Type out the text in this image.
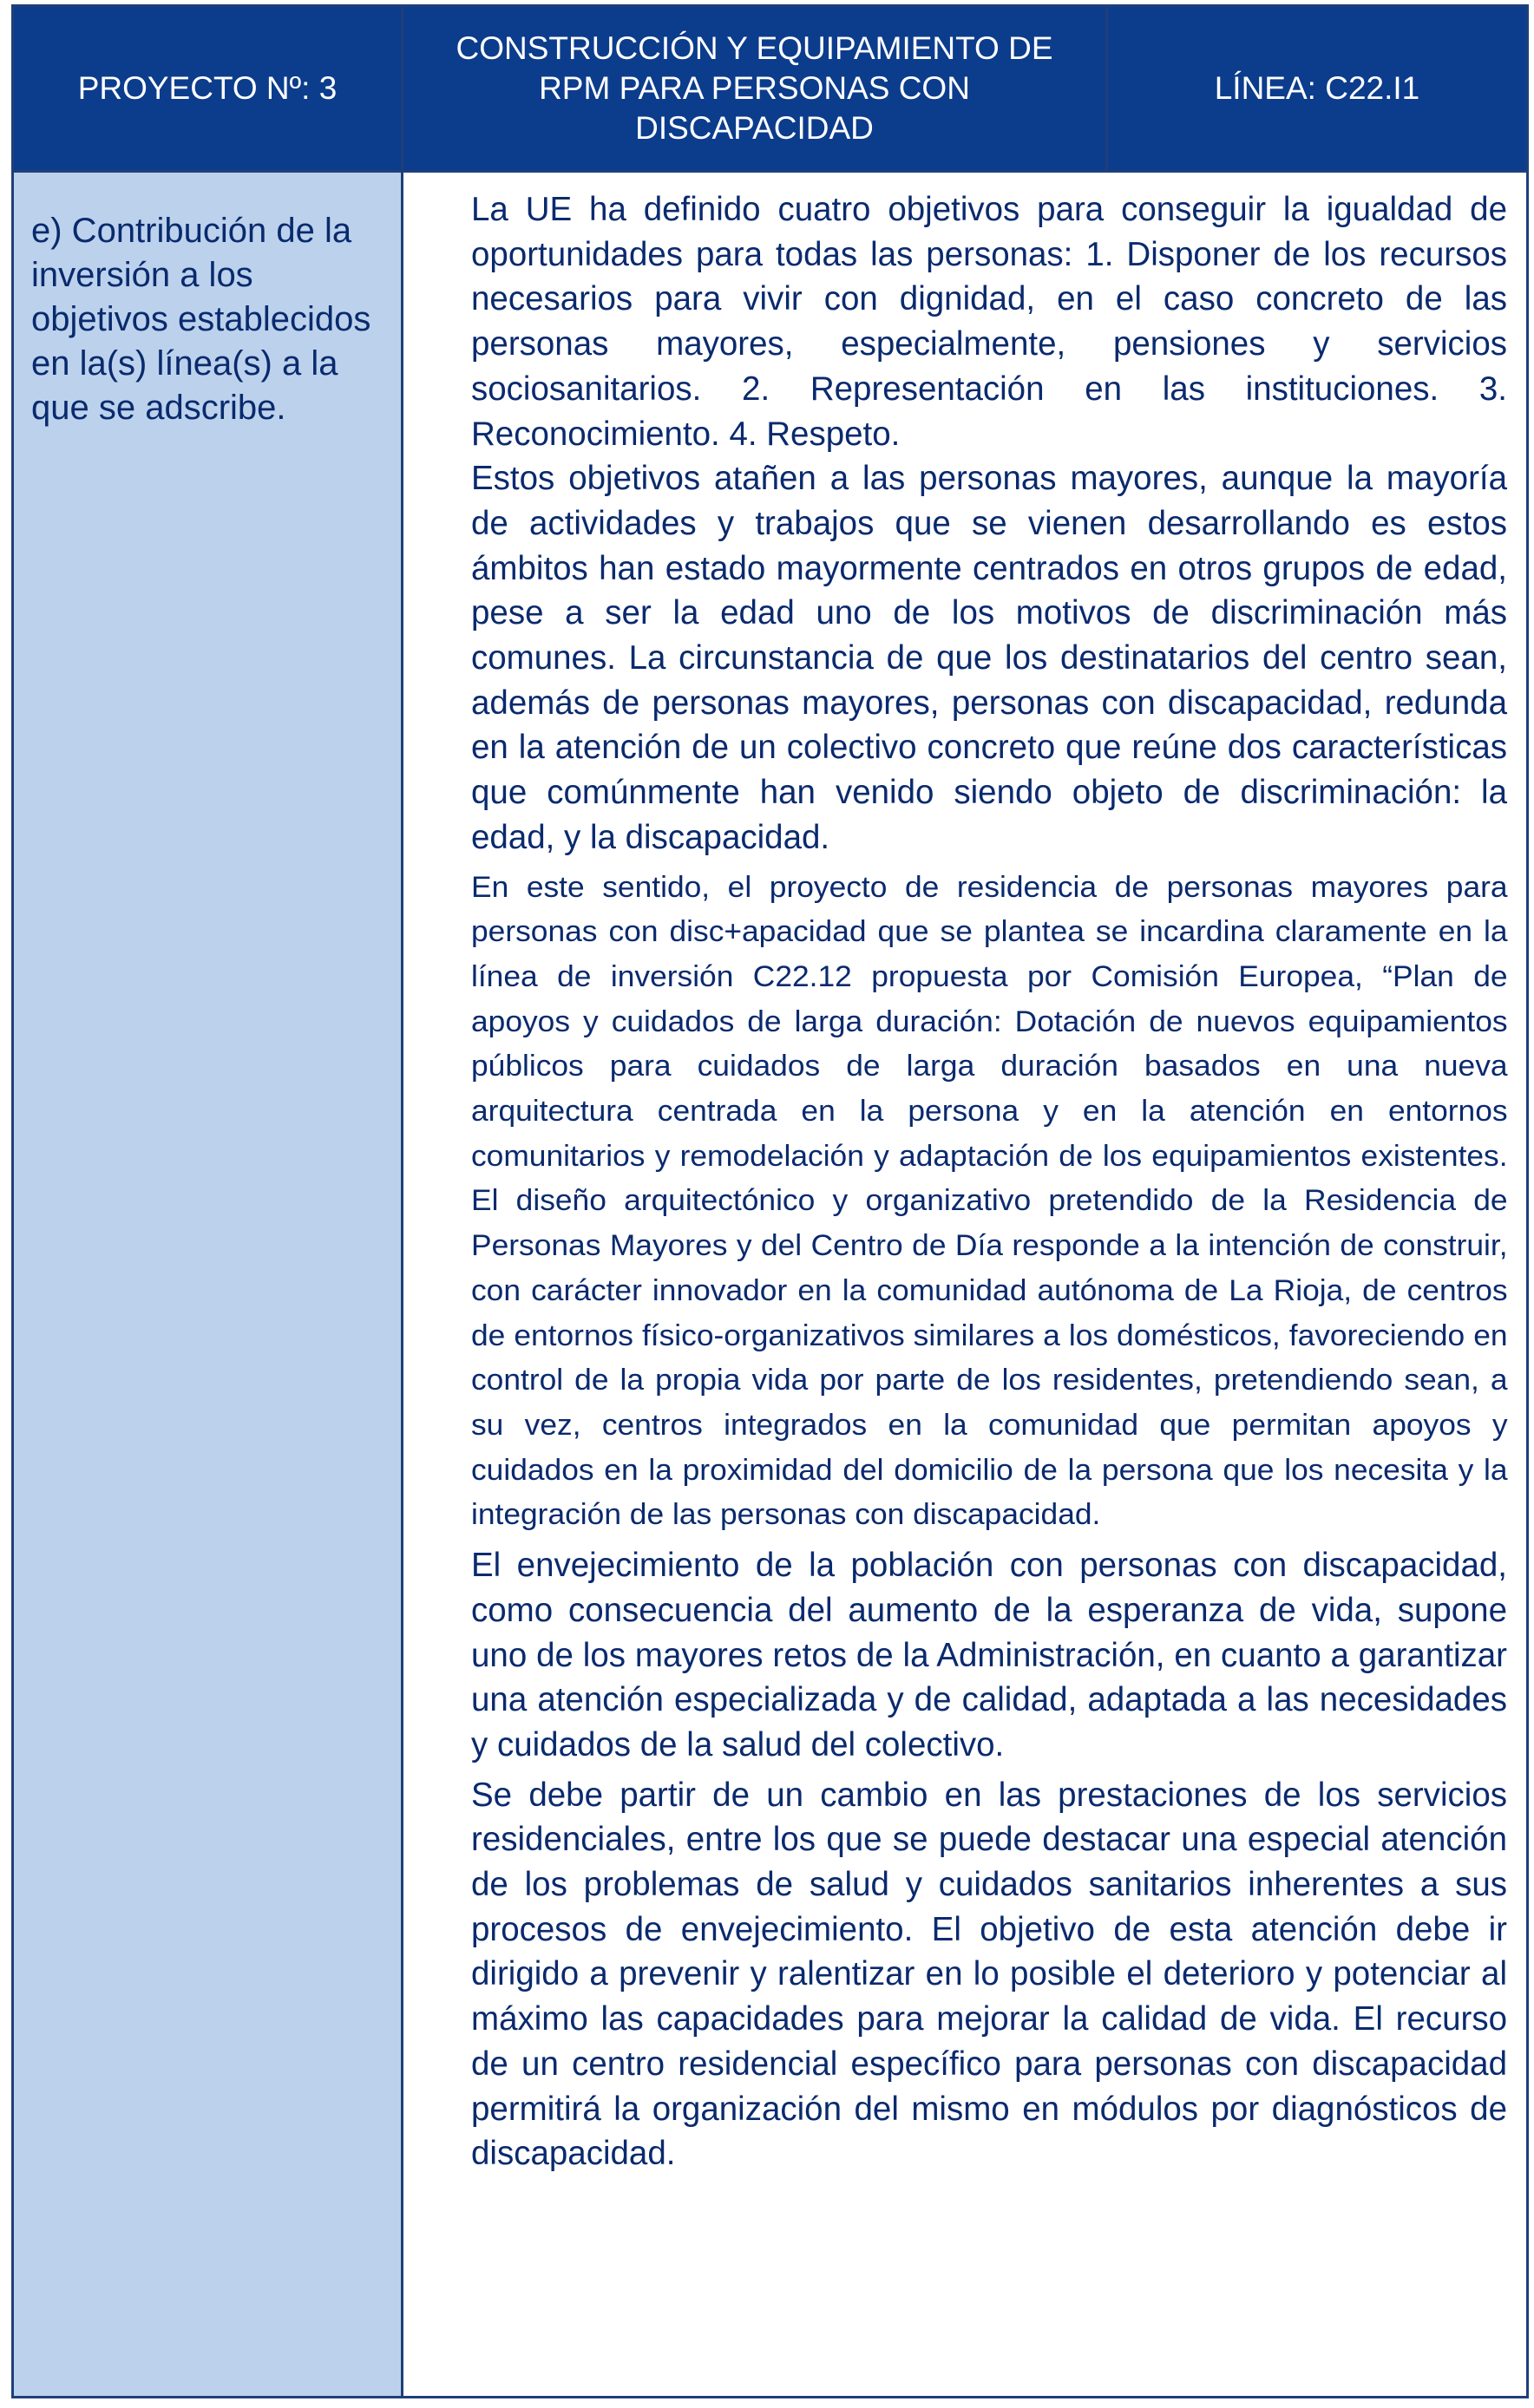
PROYECTO Nº: 3	CONSTRUCCIÓN Y EQUIPAMIENTO DE RPM PARA PERSONAS CON DISCAPACIDAD	LÍNEA: C22.I1

e) Contribución de la inversión a los objetivos establecidos en la(s) línea(s) a la que se adscribe.	La UE ha definido cuatro objetivos para conseguir la igualdad de oportunidades para todas las personas: 1. Disponer de los recursos necesarios para vivir con dignidad, en el caso concreto de las personas mayores, especialmente, pensiones y servicios sociosanitarios. 2. Representación en las instituciones. 3. Reconocimiento. 4. Respeto.

Estos objetivos atañen a las personas mayores, aunque la mayoría de actividades y trabajos que se vienen desarrollando es estos ámbitos han estado mayormente centrados en otros grupos de edad, pese a ser la edad uno de los motivos de discriminación más comunes. La circunstancia de que los destinatarios del centro sean, además de personas mayores, personas con discapacidad, redunda en la atención de un colectivo concreto que reúne dos características que comúnmente han venido siendo objeto de discriminación: la edad, y la discapacidad.

En este sentido, el proyecto de residencia de personas mayores para personas con disc+apacidad que se plantea se incardina claramente en la línea de inversión C22.12 propuesta por Comisión Europea, “Plan de apoyos y cuidados de larga duración: Dotación de nuevos equipamientos públicos para cuidados de larga duración basados en una nueva arquitectura centrada en la persona y en la atención en entornos comunitarios y remodelación y adaptación de los equipamientos existentes. El diseño arquitectónico y organizativo pretendido de la Residencia de Personas Mayores y del Centro de Día responde a la intención de construir, con carácter innovador en la comunidad autónoma de La Rioja, de centros de entornos físico-organizativos similares a los domésticos, favoreciendo en control de la propia vida por parte de los residentes, pretendiendo sean, a su vez, centros integrados en la comunidad que permitan apoyos y cuidados en la proximidad del domicilio de la persona que los necesita y la integración de las personas con discapacidad.

El envejecimiento de la población con personas con discapacidad, como consecuencia del aumento de la esperanza de vida, supone uno de los mayores retos de la Administración, en cuanto a garantizar una atención especializada y de calidad, adaptada a las necesidades y cuidados de la salud del colectivo.

Se debe partir de un cambio en las prestaciones de los servicios residenciales, entre los que se puede destacar una especial atención de los problemas de salud y cuidados sanitarios inherentes a sus procesos de envejecimiento. El objetivo de esta atención debe ir dirigido a prevenir y ralentizar en lo posible el deterioro y potenciar al máximo las capacidades para mejorar la calidad de vida. El recurso de un centro residencial específico para personas con discapacidad permitirá la organización del mismo en módulos por diagnósticos de discapacidad.	
